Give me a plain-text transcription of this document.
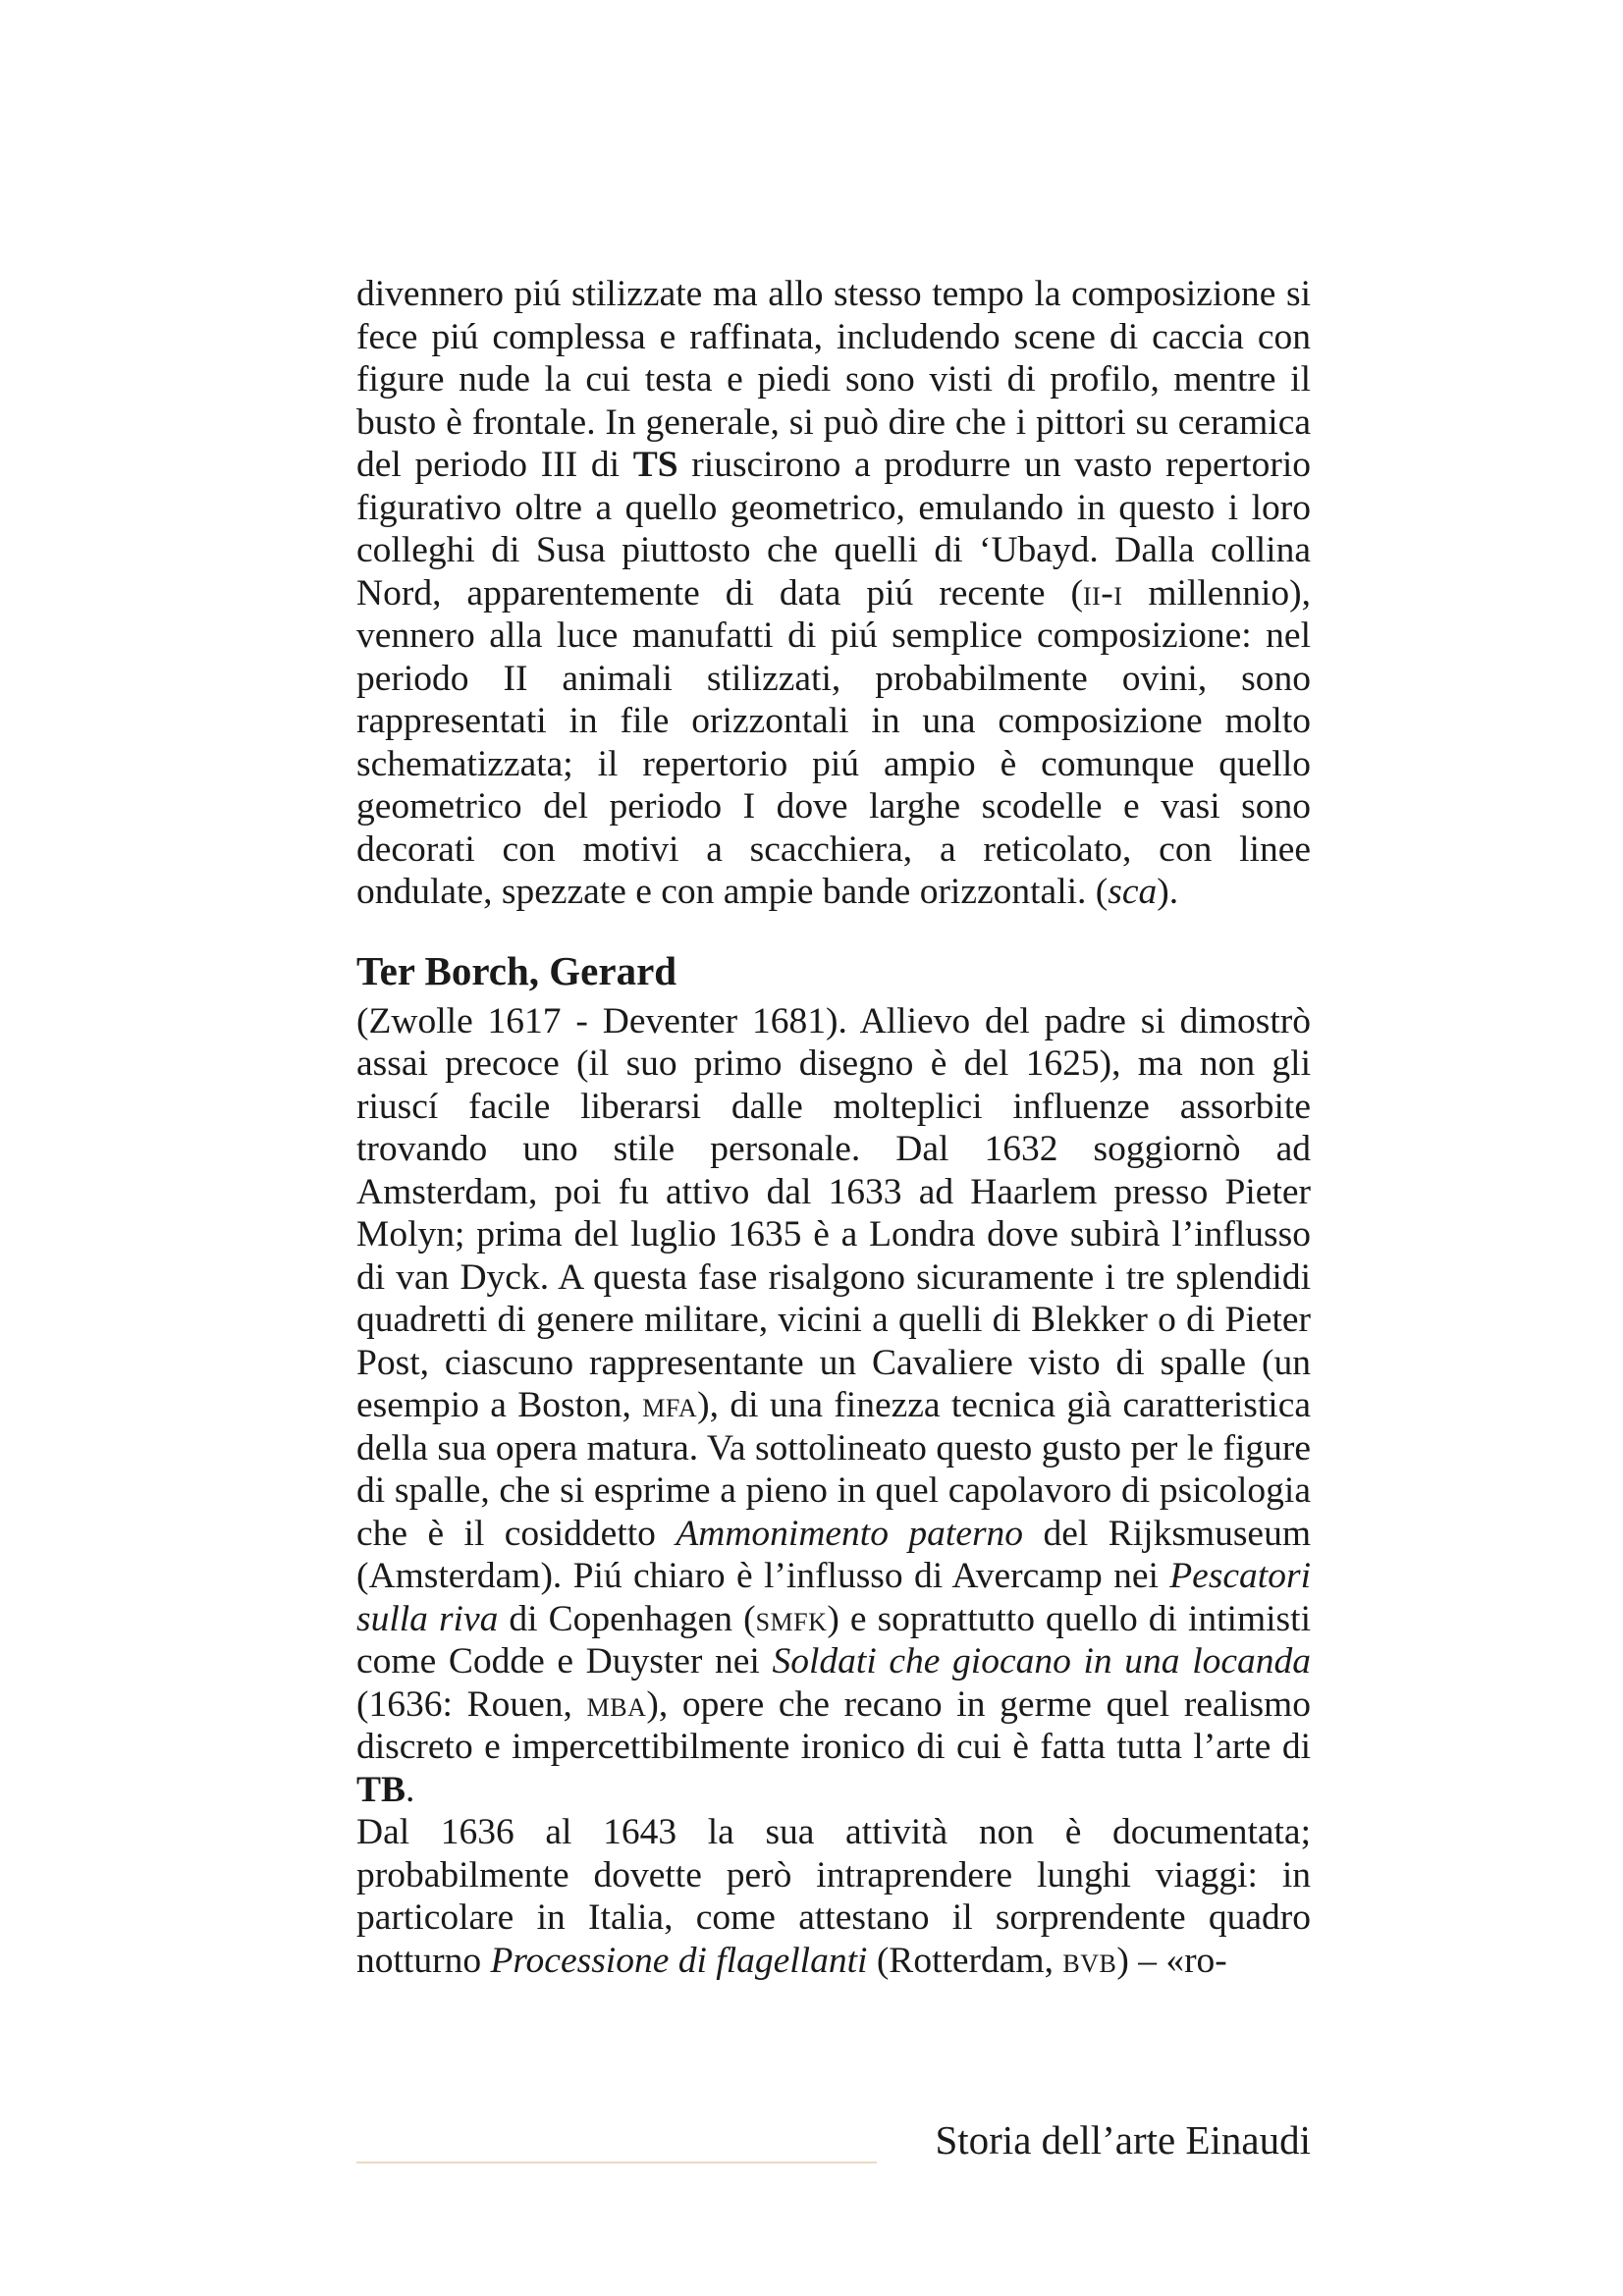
divennero piú stilizzate ma allo stesso tempo la composizione si fece piú complessa e raffinata, includendo scene di caccia con figure nude la cui testa e piedi sono visti di profilo, mentre il busto è frontale. In generale, si può dire che i pittori su ceramica del periodo III di TS riuscirono a produrre un vasto repertorio figurativo oltre a quello geometrico, emulando in questo i loro colleghi di Susa piuttosto che quelli di ‘Ubayd. Dalla collina Nord, apparentemente di data piú recente (ii-i millennio), vennero alla luce manufatti di piú semplice composizione: nel periodo II animali stilizzati, probabilmente ovini, sono rappresentati in file orizzontali in una composizione molto schematizzata; il repertorio piú ampio è comunque quello geometrico del periodo I dove larghe scodelle e vasi sono decorati con motivi a scacchiera, a reticolato, con linee ondulate, spezzate e con ampie bande orizzontali. (sca).

Ter Borch, Gerard

(Zwolle 1617 - Deventer 1681). Allievo del padre si dimostrò assai precoce (il suo primo disegno è del 1625), ma non gli riuscí facile liberarsi dalle molteplici influenze assorbite trovando uno stile personale. Dal 1632 soggiornò ad Amsterdam, poi fu attivo dal 1633 ad Haarlem presso Pieter Molyn; prima del luglio 1635 è a Londra dove subirà l’influsso di van Dyck. A questa fase risalgono sicuramente i tre splendidi quadretti di genere militare, vicini a quelli di Blekker o di Pieter Post, ciascuno rappresentante un Cavaliere visto di spalle (un esempio a Boston, mfa), di una finezza tecnica già caratteristica della sua opera matura. Va sottolineato questo gusto per le figure di spalle, che si esprime a pieno in quel capolavoro di psicologia che è il cosiddetto Ammonimento paterno del Rijksmuseum (Amsterdam). Piú chiaro è l’influsso di Avercamp nei Pescatori sulla riva di Copenhagen (smfk) e soprattutto quello di intimisti come Codde e Duyster nei Soldati che giocano in una locanda (1636: Rouen, mba), opere che recano in germe quel realismo discreto e impercettibilmente ironico di cui è fatta tutta l’arte di TB.

Dal 1636 al 1643 la sua attività non è documentata; probabilmente dovette però intraprendere lunghi viaggi: in particolare in Italia, come attestano il sorprendente quadro notturno Processione di flagellanti (Rotterdam, bvb) – «ro-

Storia dell’arte Einaudi
